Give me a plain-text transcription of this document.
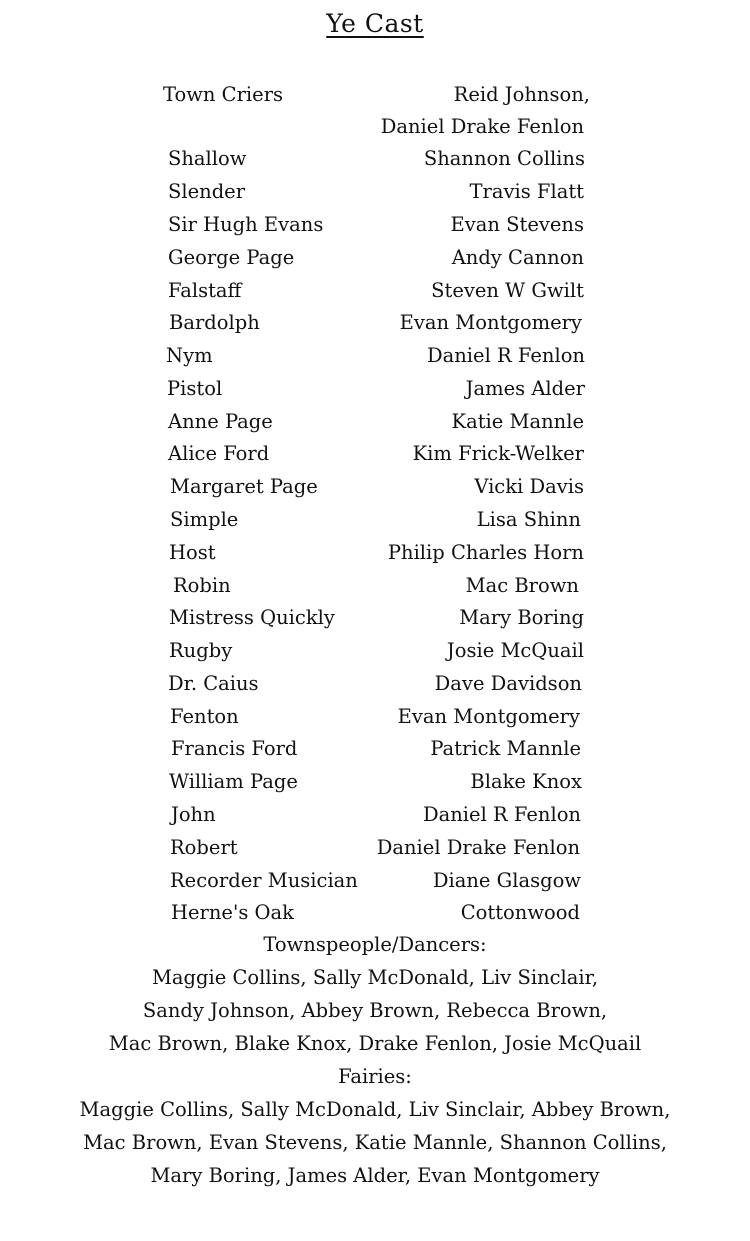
Ye Cast
Town Criers	Reid Johnson,
Daniel Drake Fenlon
Shallow	Shannon Collins
Slender	Travis Flatt
Sir Hugh Evans	Evan Stevens
George Page	Andy Cannon
Falstaff	Steven W Gwilt
Bardolph	Evan Montgomery
Nym	Daniel R Fenlon
Pistol	James Alder
Anne Page	Katie Mannle
Alice Ford	Kim Frick-Welker
Margaret Page	Vicki Davis
Simple	Lisa Shinn
Host	Philip Charles Horn
Robin	Mac Brown
Mistress Quickly	Mary Boring
Rugby	Josie McQuail
Dr. Caius	Dave Davidson
Fenton	Evan Montgomery
Francis Ford	Patrick Mannle
William Page	Blake Knox
John	Daniel R Fenlon
Robert	Daniel Drake Fenlon
Recorder Musician	Diane Glasgow
Herne's Oak	Cottonwood
Townspeople/Dancers:
Maggie Collins, Sally McDonald, Liv Sinclair,
Sandy Johnson, Abbey Brown, Rebecca Brown,
Mac Brown, Blake Knox, Drake Fenlon, Josie McQuail
Fairies:
Maggie Collins, Sally McDonald, Liv Sinclair, Abbey Brown,
Mac Brown, Evan Stevens, Katie Mannle, Shannon Collins,
Mary Boring, James Alder, Evan Montgomery
